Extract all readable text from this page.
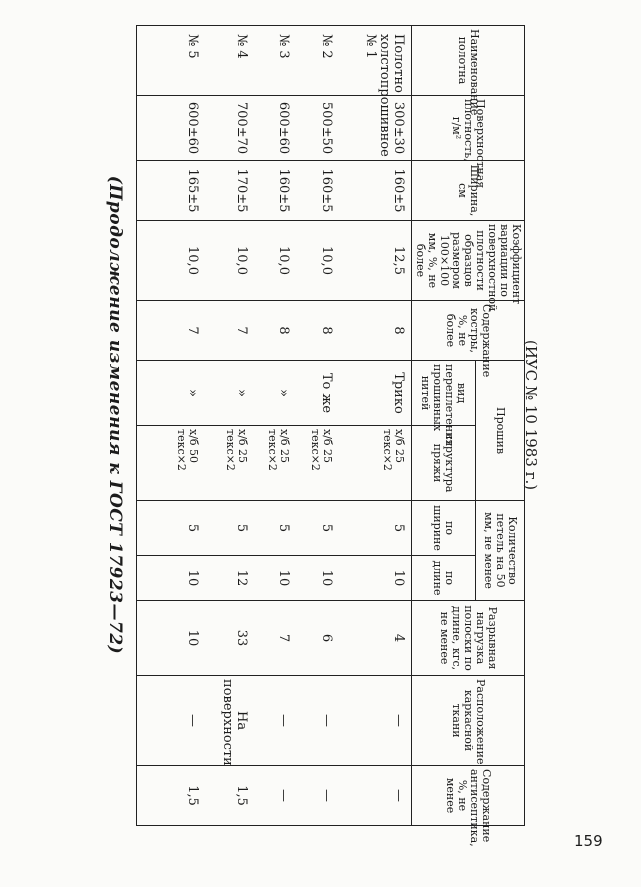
(ИУС № 10 1983 г.)
Наименование полотна	Поверхностная плотность, г/м²	Ширина, см	Коэффициент вариации по поверхностной плотности образцов размером 100×100 мм, %, не более	Содержание костры, %, не более	Прошив		Количество петель на 50 мм, не менее		Разрывная нагрузка полоски по длине, кгс, не менее	Расположение каркасной ткани	Содержание антисептика, %, не менее
					вид переплетения прошивных нитей	структура пряжи	по ширине	по длине			
Полотно холстопрошивное № 1	300±30	160±5	12,5	8	Трико	х/б 25 текс×2	5	10	4	—	—
№ 2	500±50	160±5	10,0	8	То же	х/б 25 текс×2	5	10	6	—	—
№ 3	600±60	160±5	10,0	8	»	х/б 25 текс×2	5	10	7	—	—
№ 4	700±70	170±5	10,0	7	»	х/б 25 текс×2	5	12	33	На поверхности	1,5
№ 5	600±60	165±5	10,0	7	»	х/б 50 текс×2	5	10	10	—	1,5
(Продолжение изменения к ГОСТ 17923—72)
159
